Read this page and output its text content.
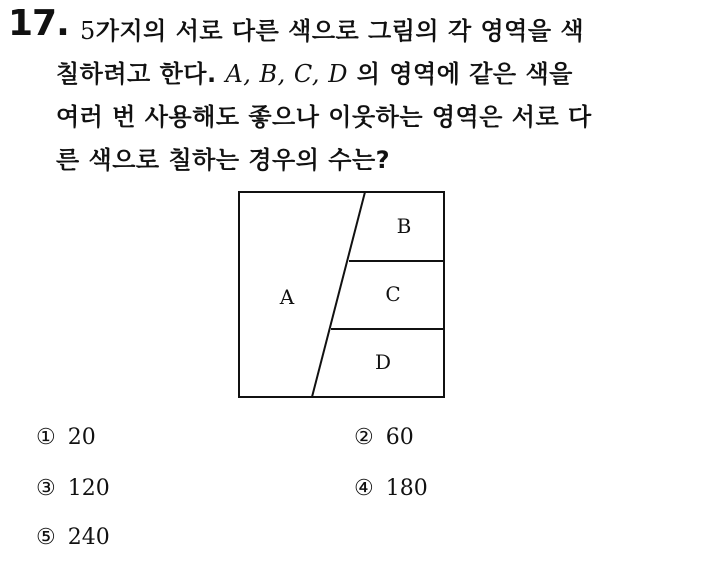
17. 5가지의 서로 다른 색으로 그림의 각 영역을 색
칠하려고 한다. A, B, C, D 의 영역에 같은 색을
여러 번 사용해도 좋으나 이웃하는 영역은 서로 다
른 색으로 칠하는 경우의 수는?
A
B
C
D
① 20	② 60
③ 120	④ 180
⑤ 240
